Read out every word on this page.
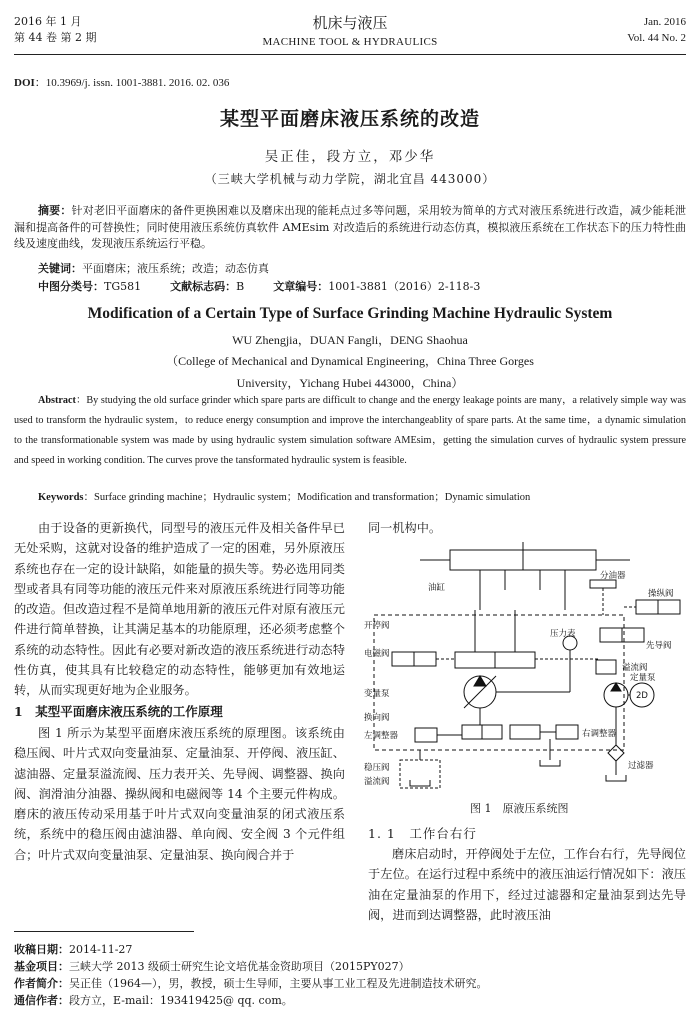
2016 年 1 月
第 44 卷 第 2 期
机床与液压
MACHINE TOOL & HYDRAULICS
Jan. 2016
Vol. 44 No. 2
DOI：10.3969/j. issn. 1001-3881. 2016. 02. 036
某型平面磨床液压系统的改造
吴正佳，段方立，邓少华
（三峡大学机械与动力学院，湖北宜昌 443000）
摘要：针对老旧平面磨床的备件更换困难以及磨床出现的能耗点过多等问题，采用较为简单的方式对液压系统进行改造，减少能耗泄漏和提高备件的可替换性；同时使用液压系统仿真软件 AMEsim 对改造后的系统进行动态仿真，模拟液压系统在工作状态下的压力特性曲线及速度曲线，发现液压系统运行平稳。
关键词：平面磨床；液压系统；改造；动态仿真
中图分类号：TG581	文献标志码：B	文章编号：1001-3881（2016）2-118-3
Modification of a Certain Type of Surface Grinding Machine Hydraulic System
WU Zhengjia，DUAN Fangli，DENG Shaohua
（College of Mechanical and Dynamical Engineering，China Three Gorges
University，Yichang Hubei 443000，China）
Abstract：By studying the old surface grinder which spare parts are difficult to change and the energy leakage points are many，a relatively simple way was used to transform the hydraulic system，to reduce energy consumption and improve the interchangeablity of spare parts. At the same time，a dynamic simulation to the transformationable system was made by using hydraulic system simulation software AMEsim，getting the simulation curves of hydraulic system pressure and speed in working condition. The curves prove the tansformated hydraulic system is feasible.
Keywords：Surface grinding machine；Hydraulic system；Modification and transformation；Dynamic simulation

由于设备的更新换代，同型号的液压元件及相关备件早已无处采购，这就对设备的维护造成了一定的困难，另外原液压系统也存在一定的设计缺陷，如能量的损失等。势必选用同类型或者具有同等功能的液压元件来对原液压系统进行同等功能的改造。但改造过程不是简单地用新的液压元件对原有液压元件进行简单替换，让其满足基本的功能原理，还必须考虑整个系统的动态特性。因此有必要对新改造的液压系统进行动态特性仿真，使其具有比较稳定的动态特性，能够更加有效地运转，从而实现更好地为企业服务。

1　某型平面磨床液压系统的工作原理

图 1 所示为某型平面磨床液压系统的原理图。该系统由稳压阀、叶片式双向变量油泵、定量油泵、开停阀、液压缸、滤油器、定量泵溢流阀、压力表开关、先导阀、调整器、换向阀、润滑油分油器、操纵阀和电磁阀等 14 个主要元件构成。磨床的液压传动采用基于叶片式双向变量油泵的闭式液压系统，系统中的稳压阀由滤油器、单向阀、安全阀 3 个元件组合；叶片式双向变量油泵、定量油泵、换向阀合并于

同一机构中。
油缸
开停阀
电磁阀
变量泵
换向阀
左调整器
稳压阀
溢流阀
分油器
操纵阀
压力表
先导阀
溢流阀
定量泵
2D
右调整器
过滤器
图 1　原液压系统图
1. 1　工作台右行

磨床启动时，开停阀处于左位，工作台右行，先导阀位于左位。在运行过程中系统中的液压油运行情况如下：液压油在定量油泵的作用下，经过过滤器和定量油泵到达先导阀，进而到达调整器，此时液压油

收稿日期：2014-11-27
基金项目：三峡大学 2013 级硕士研究生论文培优基金资助项目（2015PY027）
作者简介：吴正佳（1964—），男，教授，硕士生导师，主要从事工业工程及先进制造技术研究。
通信作者：段方立，E-mail：193419425@ qq. com。
